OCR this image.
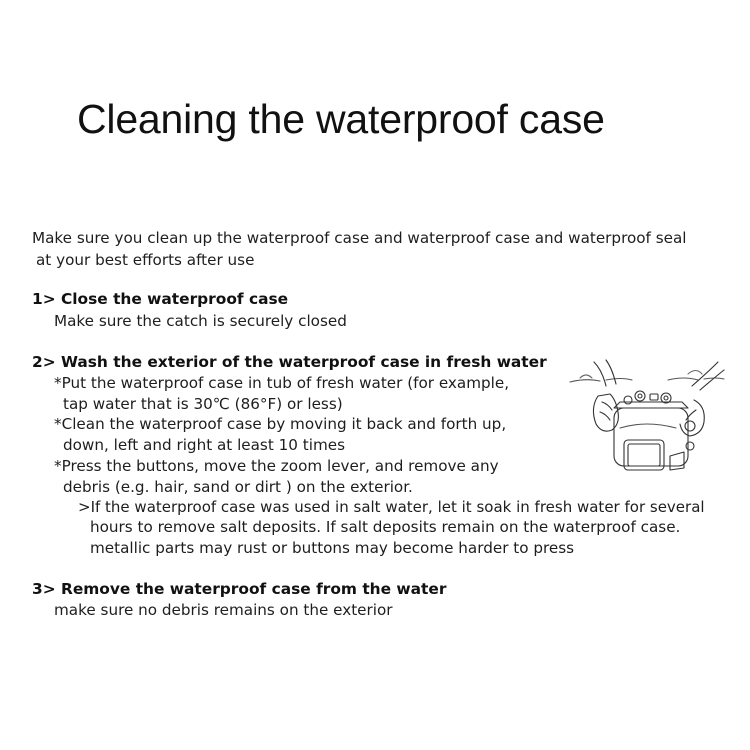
Cleaning the waterproof case
Make sure you clean up the waterproof case and waterproof case and waterproof seal
at your best efforts after use
1> Close the waterproof case
Make sure the catch is securely closed
2> Wash the exterior of the waterproof case in fresh water
*Put the waterproof case in tub of fresh water (for example,
tap water that is 30℃ (86°F) or less)
*Clean the waterproof case by moving it back and forth up,
down, left and right at least 10 times
*Press the buttons, move the zoom lever, and remove any
debris (e.g. hair, sand or dirt ) on the exterior.
>If the waterproof case was used in salt water, let it soak in fresh water for several
hours to remove salt deposits. If salt deposits remain on the waterproof case.
metallic parts may rust or buttons may become harder to press
3> Remove the waterproof case from the water
make sure no debris remains on the exterior
